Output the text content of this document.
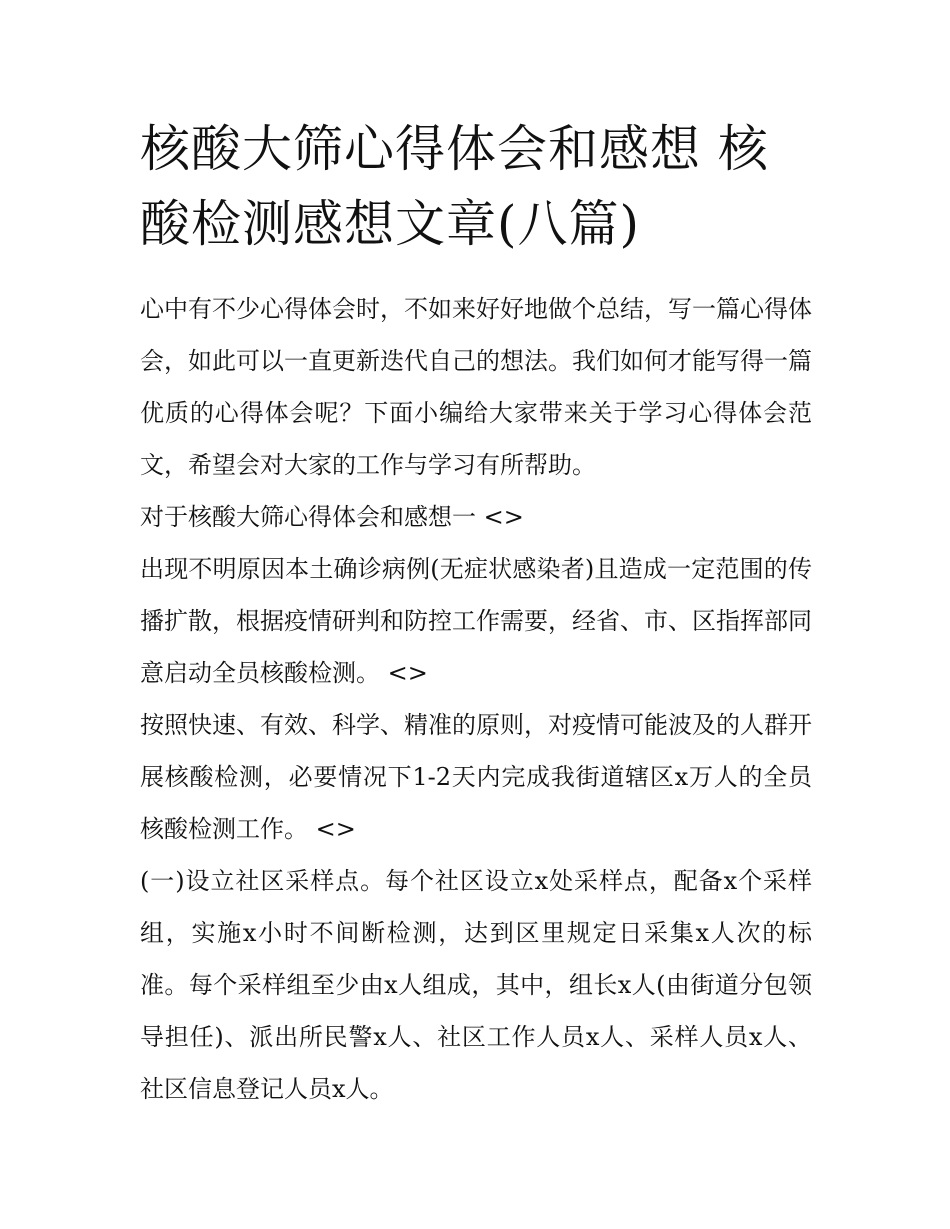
核酸大筛心得体会和感想 核酸检测感想文章(八篇)

心中有不少心得体会时，不如来好好地做个总结，写一篇心得体会，如此可以一直更新迭代自己的想法。我们如何才能写得一篇优质的心得体会呢？下面小编给大家带来关于学习心得体会范文，希望会对大家的工作与学习有所帮助。

对于核酸大筛心得体会和感想一 <>

出现不明原因本土确诊病例(无症状感染者)且造成一定范围的传播扩散，根据疫情研判和防控工作需要，经省、市、区指挥部同意启动全员核酸检测。 <>

按照快速、有效、科学、精准的原则，对疫情可能波及的人群开展核酸检测，必要情况下1-2天内完成我街道辖区x万人的全员核酸检测工作。 <>

(一)设立社区采样点。每个社区设立x处采样点，配备x个采样组，实施x小时不间断检测，达到区里规定日采集x人次的标准。每个采样组至少由x人组成，其中，组长x人(由街道分包领导担任)、派出所民警x人、社区工作人员x人、采样人员x人、社区信息登记人员x人。
